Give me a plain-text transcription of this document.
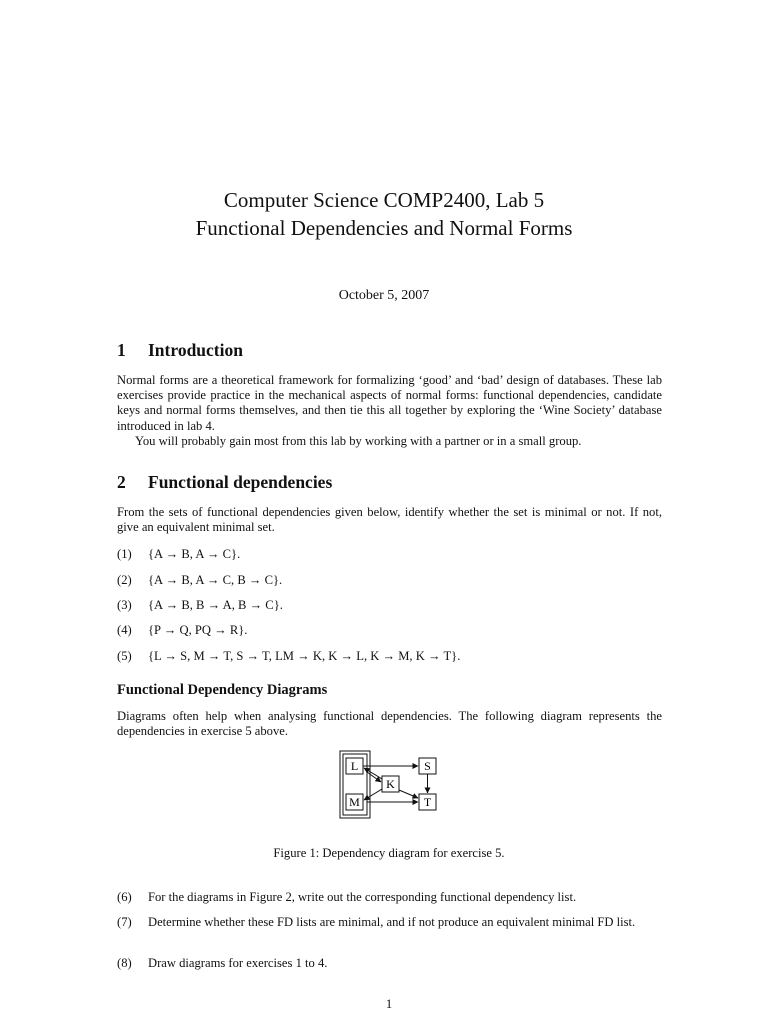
Computer Science COMP2400, Lab 5
Functional Dependencies and Normal Forms
October 5, 2007
1 Introduction
Normal forms are a theoretical framework for formalizing ‘good’ and ‘bad’ design of databases. These lab exercises provide practice in the mechanical aspects of normal forms: functional dependencies, candidate keys and normal forms themselves, and then tie this all together by exploring the ‘Wine Society’ database introduced in lab 4.
You will probably gain most from this lab by working with a partner or in a small group.
2 Functional dependencies
From the sets of functional dependencies given below, identify whether the set is minimal or not. If not, give an equivalent minimal set.
(1) {A → B, A → C}.
(2) {A → B, A → C, B → C}.
(3) {A → B, B → A, B → C}.
(4) {P → Q, PQ → R}.
(5) {L → S, M → T, S → T, LM → K, K → L, K → M, K → T}.
Functional Dependency Diagrams
Diagrams often help when analysing functional dependencies. The following diagram represents the dependencies in exercise 5 above.
L	S
K
M	T
Figure 1: Dependency diagram for exercise 5.
(6) For the diagrams in Figure 2, write out the corresponding functional dependency list.
(7) Determine whether these FD lists are minimal, and if not produce an equivalent minimal FD list.
(8) Draw diagrams for exercises 1 to 4.
1
